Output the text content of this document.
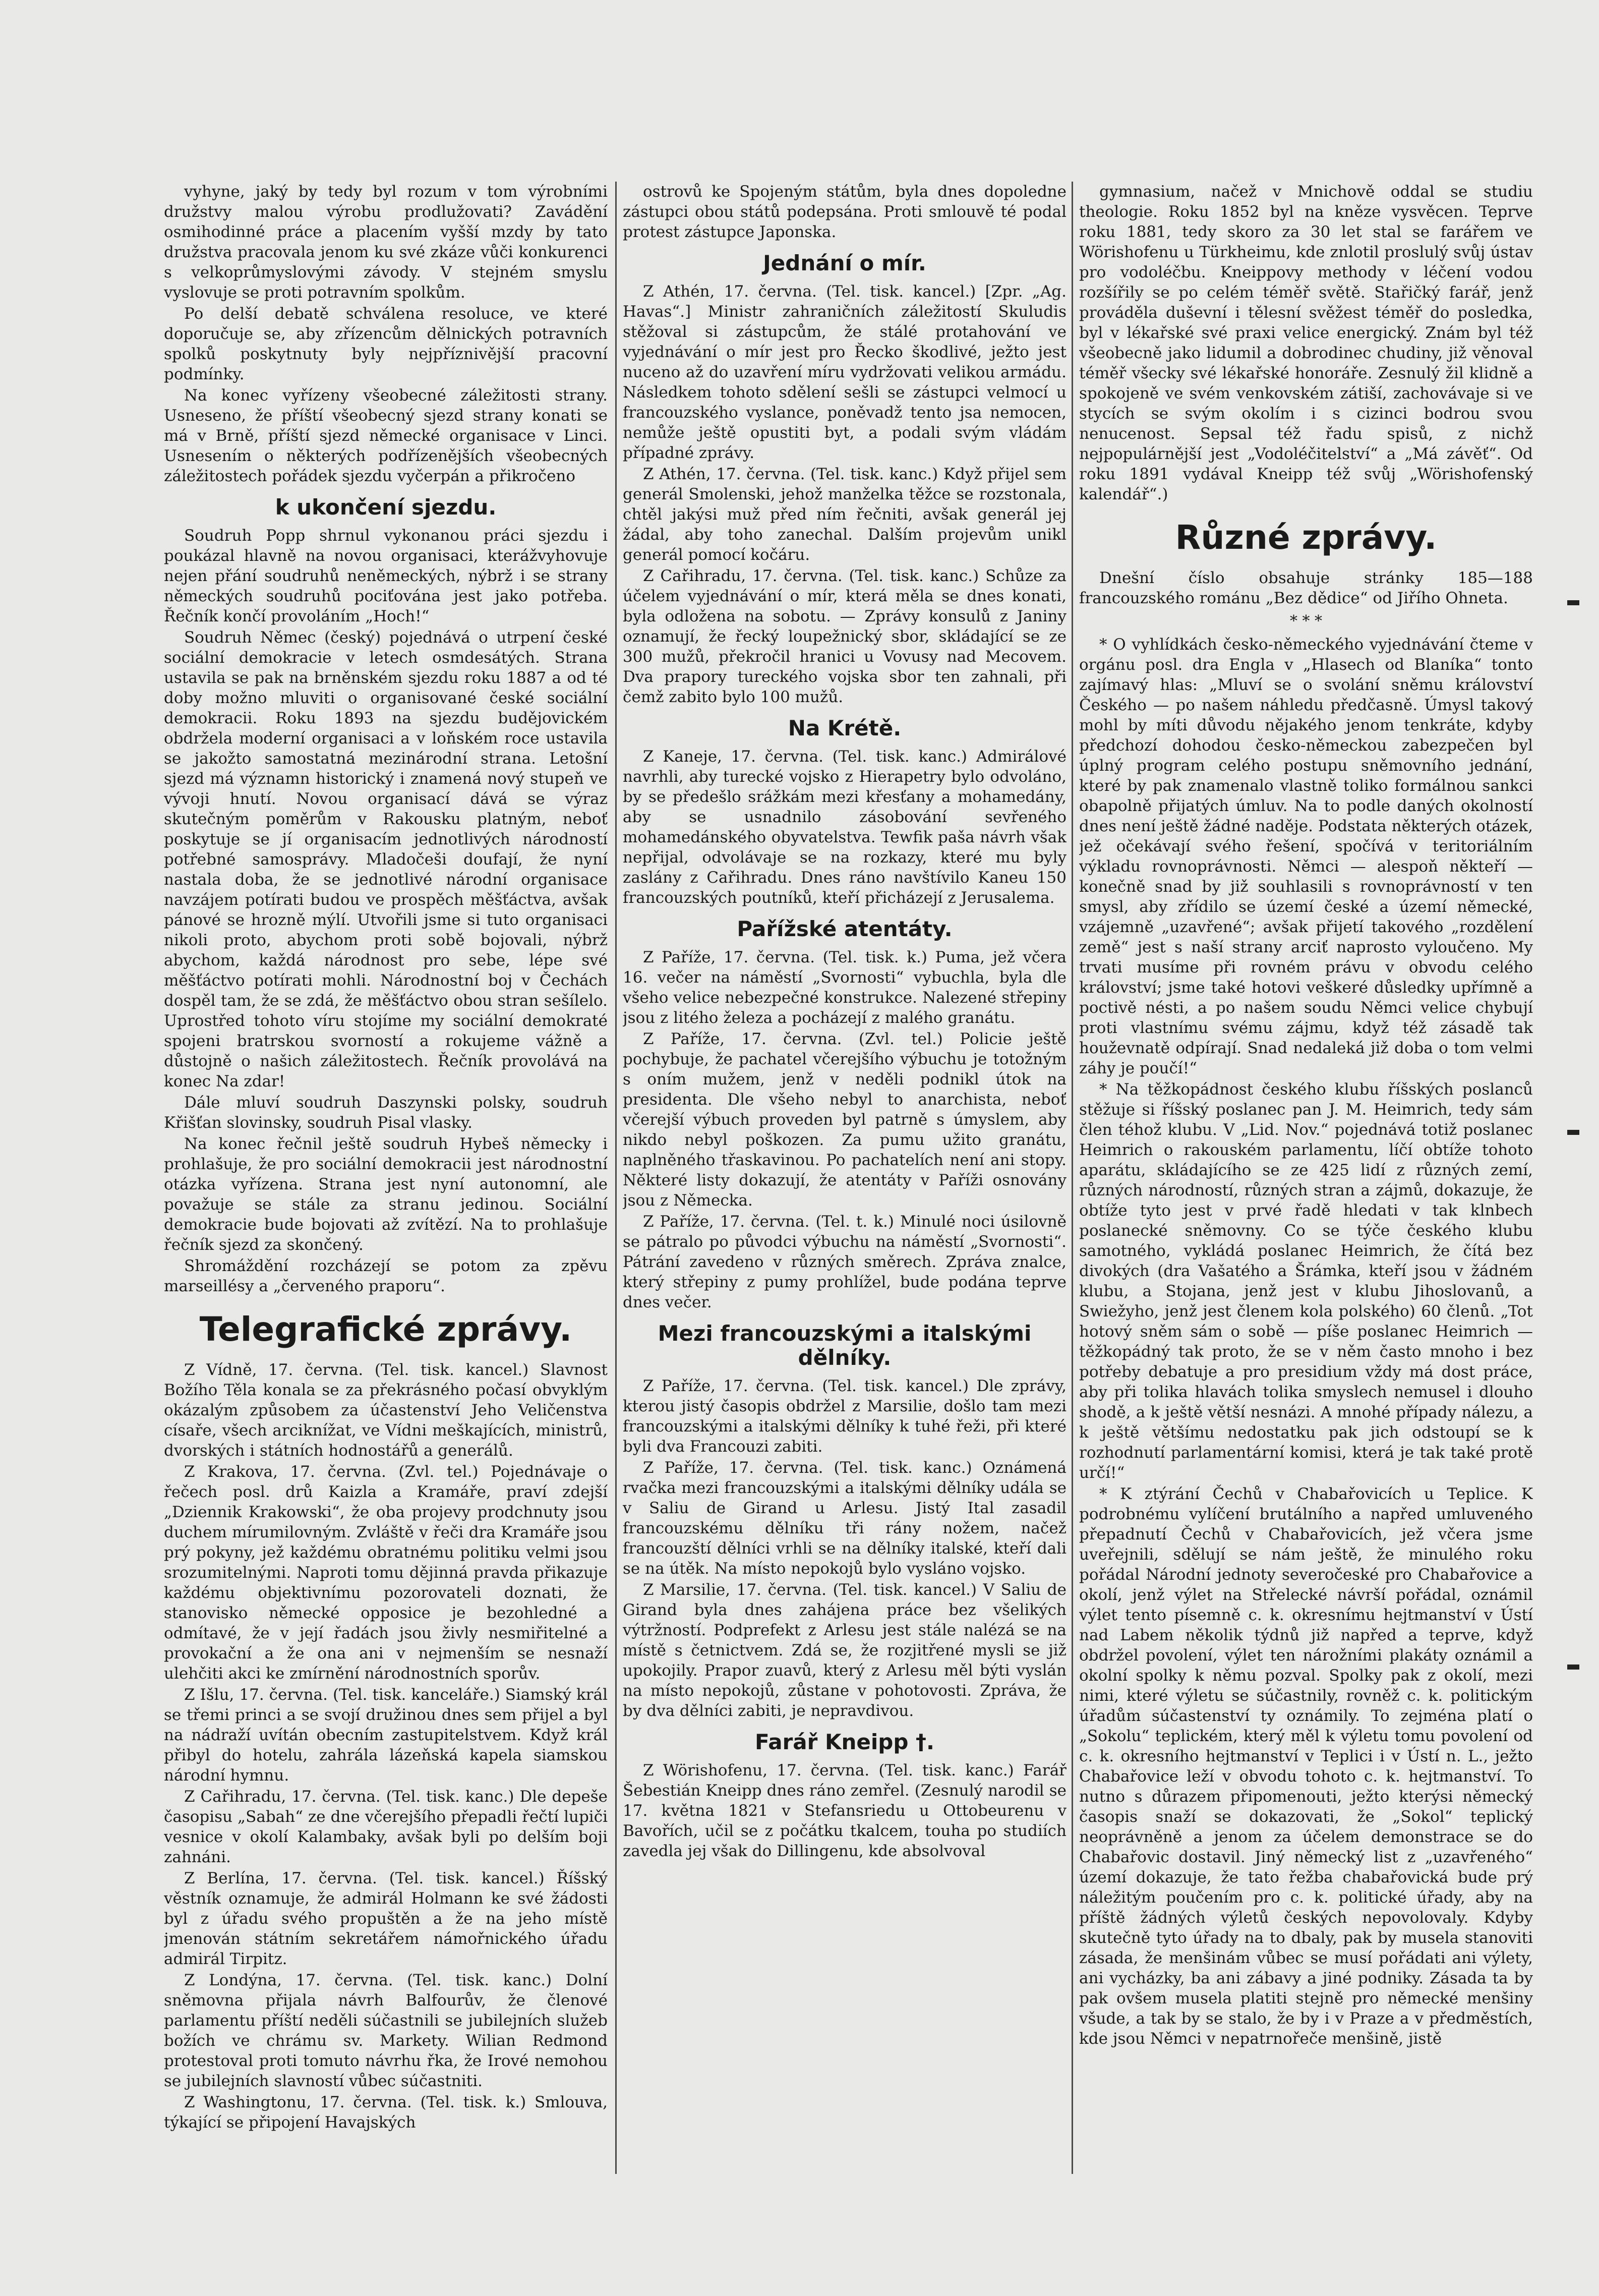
vyhyne, jaký by tedy byl rozum v tom výrobními družstvy malou výrobu prodlužovati? Zavádění osmihodinné práce a placením vyšší mzdy by tato družstva pracovala jenom ku své zkáze vůči konkurenci s velkoprůmyslovými závody. V stejném smyslu vyslovuje se proti potravním spolkům.

Po delší debatě schválena resoluce, ve které doporučuje se, aby zřízencům dělnických potravních spolků poskytnuty byly nejpříznivější pracovní podmínky.

Na konec vyřízeny všeobecné záležitosti strany. Usneseno, že příští všeobecný sjezd strany konati se má v Brně, příští sjezd německé organisace v Linci. Usnesením o některých podřízenějších všeobecných záležitostech pořádek sjezdu vyčerpán a přikročeno

k ukončení sjezdu.

Soudruh Popp shrnul vykonanou práci sjezdu i poukázal hlavně na novou organisaci, kterážvyhovuje nejen přání soudruhů neněmeckých, nýbrž i se strany německých soudruhů pociťována jest jako potřeba. Řečník končí provoláním „Hoch!“

Soudruh Němec (český) pojednává o utrpení české sociální demokracie v letech osmdesátých. Strana ustavila se pak na brněnském sjezdu roku 1887 a od té doby možno mluviti o organisované české sociální demokracii. Roku 1893 na sjezdu budějovickém obdržela moderní organisaci a v loňském roce ustavila se jakožto samostatná mezinárodní strana. Letošní sjezd má významn historický i znamená nový stupeň ve vývoji hnutí. Novou organisací dává se výraz skutečným poměrům v Rakousku platným, neboť poskytuje se jí organisacím jednotlivých národností potřebné samosprávy. Mladočeši doufají, že nyní nastala doba, že se jednotlivé národní organisace navzájem potírati budou ve prospěch měšťáctva, avšak pánové se hrozně mýlí. Utvořili jsme si tuto organisaci nikoli proto, abychom proti sobě bojovali, nýbrž abychom, každá národnost pro sebe, lépe své měšťáctvo potírati mohli. Národnostní boj v Čechách dospěl tam, že se zdá, že měšťáctvo obou stran sešílelo. Uprostřed tohoto víru stojíme my sociální demokraté spojeni bratrskou svorností a rokujeme vážně a důstojně o našich záležitostech. Řečník provolává na konec Na zdar!

Dále mluví soudruh Daszynski polsky, soudruh Křišťan slovinsky, soudruh Pisal vlasky.

Na konec řečnil ještě soudruh Hybeš německy i prohlašuje, že pro sociální demokracii jest národnostní otázka vyřízena. Strana jest nyní autonomní, ale považuje se stále za stranu jedinou. Sociální demokracie bude bojovati až zvítězí. Na to prohlašuje řečník sjezd za skončený.

Shromáždění rozcházejí se potom za zpěvu marseillésy a „červeného praporu“.

Telegrafické zprávy.

Z Vídně, 17. června. (Tel. tisk. kancel.) Slavnost Božího Těla konala se za překrásného počasí obvyklým okázalým způsobem za účastenství Jeho Veličenstva císaře, všech arciknížat, ve Vídni meškajících, ministrů, dvorských i státních hodnostářů a generálů.

Z Krakova, 17. června. (Zvl. tel.) Pojednávaje o řečech posl. drů Kaizla a Kramáře, praví zdejší „Dziennik Krakowski“, že oba projevy prodchnuty jsou duchem mírumilovným. Zvláště v řeči dra Kramáře jsou prý pokyny, jež každému obratnému politiku velmi jsou srozumitelnými. Naproti tomu dějinná pravda přikazuje každému objektivnímu pozorovateli doznati, že stanovisko německé opposice je bezohledné a odmítavé, že v její řadách jsou živly nesmiřitelné a provokační a že ona ani v nejmenším se nesnaží ulehčiti akci ke zmírnění národnostních sporův.

Z Išlu, 17. června. (Tel. tisk. kanceláře.) Siamský král se třemi princi a se svojí družinou dnes sem přijel a byl na nádraží uvítán obecním zastupitelstvem. Když král přibyl do hotelu, zahrála lázeňská kapela siamskou národní hymnu.

Z Cařihradu, 17. června. (Tel. tisk. kanc.) Dle depeše časopisu „Sabah“ ze dne včerejšího přepadli řečtí lupiči vesnice v okolí Kalambaky, avšak byli po delším boji zahnáni.

Z Berlína, 17. června. (Tel. tisk. kancel.) Říšský věstník oznamuje, že admirál Holmann ke své žádosti byl z úřadu svého propuštěn a že na jeho místě jmenován státním sekretářem námořnického úřadu admirál Tirpitz.

Z Londýna, 17. června. (Tel. tisk. kanc.) Dolní sněmovna přijala návrh Balfourův, že členové parlamentu příští neděli súčastnili se jubilejních služeb božích ve chrámu sv. Markety. Wilian Redmond protestoval proti tomuto návrhu řka, že Irové nemohou se jubilejních slavností vůbec súčastniti.

Z Washingtonu, 17. června. (Tel. tisk. k.) Smlouva, týkající se připojení Havajských

ostrovů ke Spojeným státům, byla dnes dopoledne zástupci obou států podepsána. Proti smlouvě té podal protest zástupce Japonska.

Jednání o mír.

Z Athén, 17. června. (Tel. tisk. kancel.) [Zpr. „Ag. Havas“.] Ministr zahraničních záležitostí Skuludis stěžoval si zástupcům, že stálé protahování ve vyjednávání o mír jest pro Řecko škodlivé, ježto jest nuceno až do uzavření míru vydržovati velikou armádu. Následkem tohoto sdělení sešli se zástupci velmocí u francouzského vyslance, poněvadž tento jsa nemocen, nemůže ještě opustiti byt, a podali svým vládám případné zprávy.

Z Athén, 17. června. (Tel. tisk. kanc.) Když přijel sem generál Smolenski, jehož manželka těžce se rozstonala, chtěl jakýsi muž před ním řečniti, avšak generál jej žádal, aby toho zanechal. Dalším projevům unikl generál pomocí kočáru.

Z Cařihradu, 17. června. (Tel. tisk. kanc.) Schůze za účelem vyjednávání o mír, která měla se dnes konati, byla odložena na sobotu. — Zprávy konsulů z Janiny oznamují, že řecký loupežnický sbor, skládající se ze 300 mužů, překročil hranici u Vovusy nad Mecovem. Dva prapory tureckého vojska sbor ten zahnali, při čemž zabito bylo 100 mužů.

Na Krétě.

Z Kaneje, 17. června. (Tel. tisk. kanc.) Admirálové navrhli, aby turecké vojsko z Hierapetry bylo odvoláno, by se předešlo srážkám mezi křesťany a mohamedány, aby se usnadnilo zásobování sevřeného mohamedánského obyvatelstva. Tewfik paša návrh však nepřijal, odvolávaje se na rozkazy, které mu byly zaslány z Cařihradu. Dnes ráno navštívilo Kaneu 150 francouzských poutníků, kteří přicházejí z Jerusalema.

Pařížské atentáty.

Z Paříže, 17. června. (Tel. tisk. k.) Puma, jež včera 16. večer na náměstí „Svornosti“ vybuchla, byla dle všeho velice nebezpečné konstrukce. Nalezené střepiny jsou z litého železa a pocházejí z malého granátu.

Z Paříže, 17. června. (Zvl. tel.) Policie ještě pochybuje, že pachatel včerejšího výbuchu je totožným s oním mužem, jenž v neděli podnikl útok na presidenta. Dle všeho nebyl to anarchista, neboť včerejší výbuch proveden byl patrně s úmyslem, aby nikdo nebyl poškozen. Za pumu užito granátu, naplněného třaskavinou. Po pachatelích není ani stopy. Některé listy dokazují, že atentáty v Paříži osnovány jsou z Německa.

Z Paříže, 17. června. (Tel. t. k.) Minulé noci úsilovně se pátralo po původci výbuchu na náměstí „Svornosti“. Pátrání zavedeno v různých směrech. Zpráva znalce, který střepiny z pumy prohlížel, bude podána teprve dnes večer.

Mezi francouzskými a italskými dělníky.

Z Paříže, 17. června. (Tel. tisk. kancel.) Dle zprávy, kterou jistý časopis obdržel z Marsilie, došlo tam mezi francouzskými a italskými dělníky k tuhé řeži, při které byli dva Francouzi zabiti.

Z Paříže, 17. června. (Tel. tisk. kanc.) Oznámená rvačka mezi francouzskými a italskými dělníky udála se v Saliu de Girand u Arlesu. Jistý Ital zasadil francouzskému dělníku tři rány nožem, načež francouzští dělníci vrhli se na dělníky italské, kteří dali se na útěk. Na místo nepokojů bylo vysláno vojsko.

Z Marsilie, 17. června. (Tel. tisk. kancel.) V Saliu de Girand byla dnes zahájena práce bez všelikých výtržností. Podprefekt z Arlesu jest stále nalézá se na místě s četnictvem. Zdá se, že rozjitřené mysli se již upokojily. Prapor zuavů, který z Arlesu měl býti vyslán na místo nepokojů, zůstane v pohotovosti. Zpráva, že by dva dělníci zabiti, je nepravdivou.

Farář Kneipp †.

Z Wörishofenu, 17. června. (Tel. tisk. kanc.) Farář Šebestián Kneipp dnes ráno zemřel. (Zesnulý narodil se 17. května 1821 v Stefansriedu u Ottobeurenu v Bavořích, učil se z počátku tkalcem, touha po studiích zavedla jej však do Dillingenu, kde absolvoval

gymnasium, načež v Mnichově oddal se studiu theologie. Roku 1852 byl na kněze vysvěcen. Teprve roku 1881, tedy skoro za 30 let stal se farářem ve Wörishofenu u Türkheimu, kde znlotil proslulý svůj ústav pro vodoléčbu. Kneippovy methody v léčení vodou rozšířily se po celém téměř světě. Stařičký farář, jenž prováděla duševní i tělesní svěžest téměř do posledka, byl v lékařské své praxi velice energický. Znám byl též všeobecně jako lidumil a dobrodinec chudiny, již věnoval téměř všecky své lékařské honoráře. Zesnulý žil klidně a spokojeně ve svém venkovském zátiší, zachovávaje si ve stycích se svým okolím i s cizinci bodrou svou nenucenost. Sepsal též řadu spisů, z nichž nejpopulárnější jest „Vodoléčitelství“ a „Má závěť“. Od roku 1891 vydával Kneipp též svůj „Wörishofenský kalendář“.)

Různé zprávy.

Dnešní číslo obsahuje stránky 185—188 francouzského románu „Bez dědice“ od Jiřího Ohneta.

* * *

* O vyhlídkách česko-německého vyjednávání čteme v orgánu posl. dra Engla v „Hlasech od Blaníka“ tonto zajímavý hlas: „Mluví se o svolání sněmu království Českého — po našem náhledu předčasně. Úmysl takový mohl by míti důvodu nějakého jenom tenkráte, kdyby předchozí dohodou česko-německou zabezpečen byl úplný program celého postupu sněmovního jednání, které by pak znamenalo vlastně toliko formálnou sankci obapolně přijatých úmluv. Na to podle daných okolností dnes není ještě žádné naděje. Podstata některých otázek, jež očekávají svého řešení, spočívá v teritoriálním výkladu rovnoprávnosti. Němci — alespoň někteří — konečně snad by již souhlasili s rovnoprávností v ten smysl, aby zřídilo se území české a území německé, vzájemně „uzavřené“; avšak přijetí takového „rozdělení země“ jest s naší strany arciť naprosto vyloučeno. My trvati musíme při rovném právu v obvodu celého království; jsme také hotovi veškeré důsledky upřímně a poctivě nésti, a po našem soudu Němci velice chybují proti vlastnímu svému zájmu, když též zásadě tak houževnatě odpírají. Snad nedaleká již doba o tom velmi záhy je poučí!“

* Na těžkopádnost českého klubu říšských poslanců stěžuje si říšský poslanec pan J. M. Heimrich, tedy sám člen téhož klubu. V „Lid. Nov.“ pojednává totiž poslanec Heimrich o rakouském parlamentu, líčí obtíže tohoto aparátu, skládajícího se ze 425 lidí z různých zemí, různých národností, různých stran a zájmů, dokazuje, že obtíže tyto jest v prvé řadě hledati v tak klnbech poslanecké sněmovny. Co se týče českého klubu samotného, vykládá poslanec Heimrich, že čítá bez divokých (dra Vašatého a Šrámka, kteří jsou v žádném klubu, a Stojana, jenž jest v klubu Jihoslovanů, a Swiežyho, jenž jest členem kola polského) 60 členů. „Tot hotový sněm sám o sobě — píše poslanec Heimrich — těžkopádný tak proto, že se v něm často mnoho i bez potřeby debatuje a pro presidium vždy má dost práce, aby při tolika hlavách tolika smyslech nemusel i dlouho shodě, a k ještě větší nesnázi. A mnohé případy nálezu, a k ještě většímu nedostatku pak jich odstoupí se k rozhodnutí parlamentární komisi, která je tak také protě určí!“

* K ztýrání Čechů v Chabařovicích u Teplice. K podrobnému vylíčení brutálního a napřed umluveného přepadnutí Čechů v Chabařovicích, jež včera jsme uveřejnili, sdělují se nám ještě, že minulého roku pořádal Národní jednoty severočeské pro Chabařovice a okolí, jenž výlet na Střelecké návrší pořádal, oznámil výlet tento písemně c. k. okresnímu hejtmanství v Ústí nad Labem několik týdnů již napřed a teprve, když obdržel povolení, výlet ten nárožními plakáty oznámil a okolní spolky k němu pozval. Spolky pak z okolí, mezi nimi, které výletu se súčastnily, rovněž c. k. politickým úřadům súčastenství ty oznámily. To zejména platí o „Sokolu“ teplickém, který měl k výletu tomu povolení od c. k. okresního hejtmanství v Teplici i v Ústí n. L., ježto Chabařovice leží v obvodu tohoto c. k. hejtmanství. To nutno s důrazem připomenouti, ježto kterýsi německý časopis snaží se dokazovati, že „Sokol“ teplický neoprávněně a jenom za účelem demonstrace se do Chabařovic dostavil. Jiný německý list z „uzavřeného“ území dokazuje, že tato řežba chabařovická bude prý náležitým poučením pro c. k. politické úřady, aby na příště žádných výletů českých nepovolovaly. Kdyby skutečně tyto úřady na to dbaly, pak by musela stanoviti zásada, že menšinám vůbec se musí pořádati ani výlety, ani vycházky, ba ani zábavy a jiné podniky. Zásada ta by pak ovšem musela platiti stejně pro německé menšiny všude, a tak by se stalo, že by i v Praze a v předměstích, kde jsou Němci v nepatrnořeče menšině, jistě
